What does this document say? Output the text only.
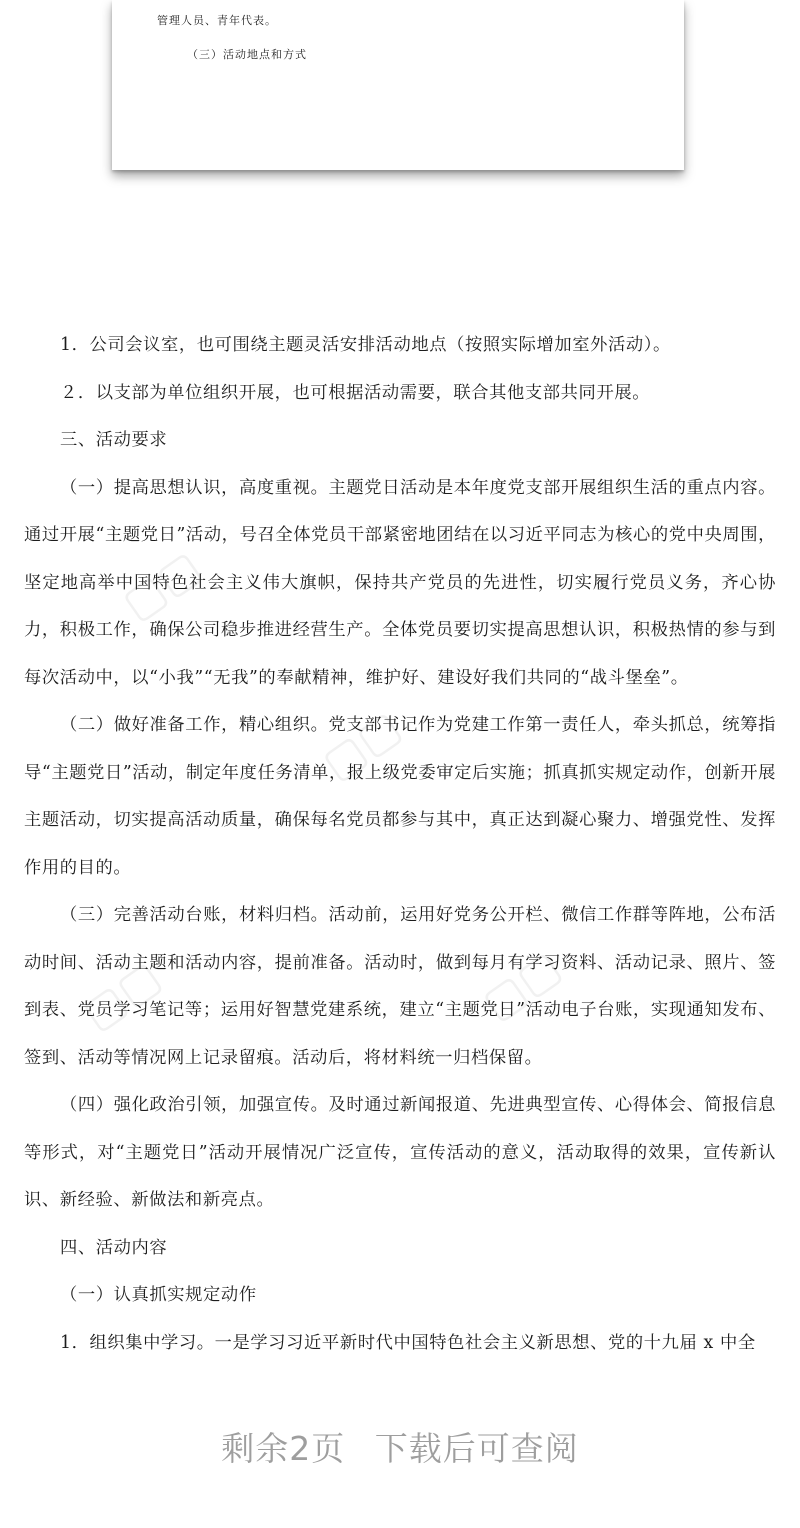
管理人员、青年代表。
（三）活动地点和方式
▢▢
▢▢
▢▢	▢▢

1．公司会议室，也可围绕主题灵活安排活动地点（按照实际增加室外活动）。

２．以支部为单位组织开展，也可根据活动需要，联合其他支部共同开展。

三、活动要求

（一）提高思想认识，高度重视。主题党日活动是本年度党支部开展组织生活的重点内容。通过开展“主题党日”活动，号召全体党员干部紧密地团结在以习近平同志为核心的党中央周围，坚定地高举中国特色社会主义伟大旗帜，保持共产党员的先进性，切实履行党员义务，齐心协力，积极工作，确保公司稳步推进经营生产。全体党员要切实提高思想认识，积极热情的参与到每次活动中，以“小我”“无我”的奉献精神，维护好、建设好我们共同的“战斗堡垒”。

（二）做好准备工作，精心组织。党支部书记作为党建工作第一责任人，牵头抓总，统筹指导“主题党日”活动，制定年度任务清单，报上级党委审定后实施；抓真抓实规定动作，创新开展主题活动，切实提高活动质量，确保每名党员都参与其中，真正达到凝心聚力、增强党性、发挥作用的目的。

（三）完善活动台账，材料归档。活动前，运用好党务公开栏、微信工作群等阵地，公布活动时间、活动主题和活动内容，提前准备。活动时，做到每月有学习资料、活动记录、照片、签到表、党员学习笔记等；运用好智慧党建系统，建立“主题党日”活动电子台账，实现通知发布、签到、活动等情况网上记录留痕。活动后，将材料统一归档保留。

（四）强化政治引领，加强宣传。及时通过新闻报道、先进典型宣传、心得体会、简报信息等形式，对“主题党日”活动开展情况广泛宣传，宣传活动的意义，活动取得的效果，宣传新认识、新经验、新做法和新亮点。

四、活动内容

（一）认真抓实规定动作

1．组织集中学习。一是学习习近平新时代中国特色社会主义新思想、党的十九届 x 中全

剩余2页 下载后可查阅
